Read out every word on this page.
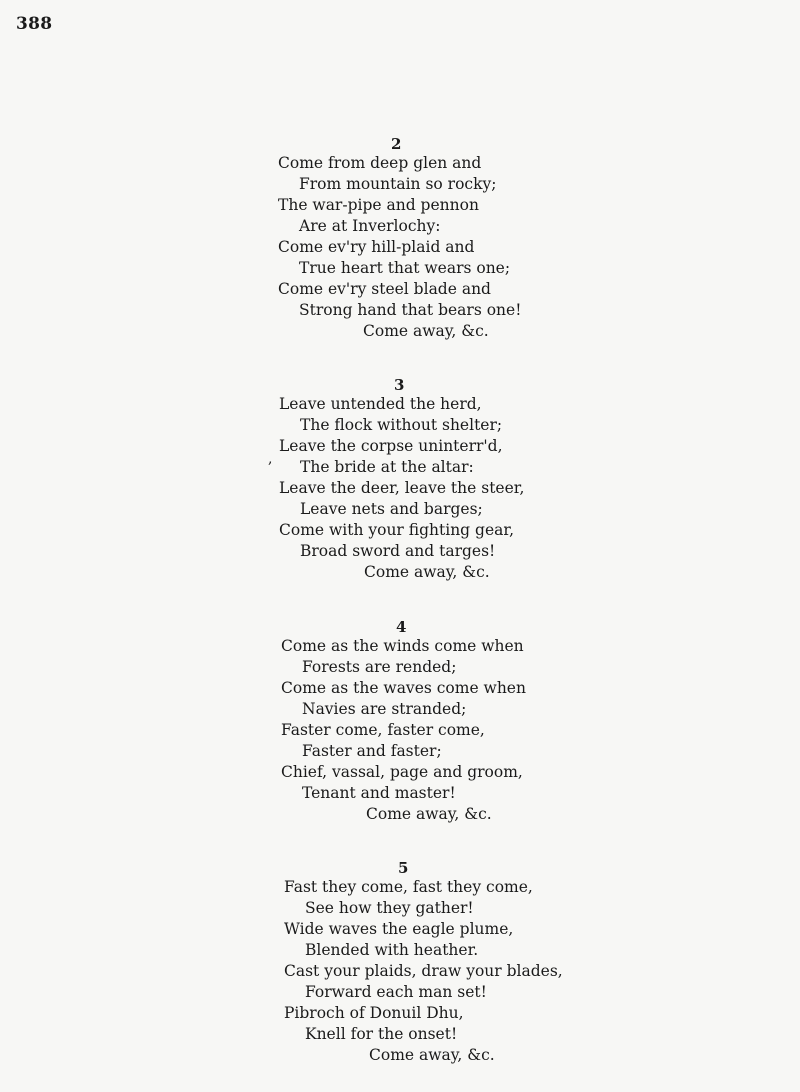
388
,
2
Come from deep glen and
From mountain so rocky;
The war-pipe and pennon
Are at Inverlochy:
Come ev'ry hill-plaid and
True heart that wears one;
Come ev'ry steel blade and
Strong hand that bears one!
Come away, &c.
3
Leave untended the herd,
The flock without shelter;
Leave the corpse uninterr'd,
The bride at the altar:
Leave the deer, leave the steer,
Leave nets and barges;
Come with your fighting gear,
Broad sword and targes!
Come away, &c.
4
Come as the winds come when
Forests are rended;
Come as the waves come when
Navies are stranded;
Faster come, faster come,
Faster and faster;
Chief, vassal, page and groom,
Tenant and master!
Come away, &c.
5
Fast they come, fast they come,
See how they gather!
Wide waves the eagle plume,
Blended with heather.
Cast your plaids, draw your blades,
Forward each man set!
Pibroch of Donuil Dhu,
Knell for the onset!
Come away, &c.
